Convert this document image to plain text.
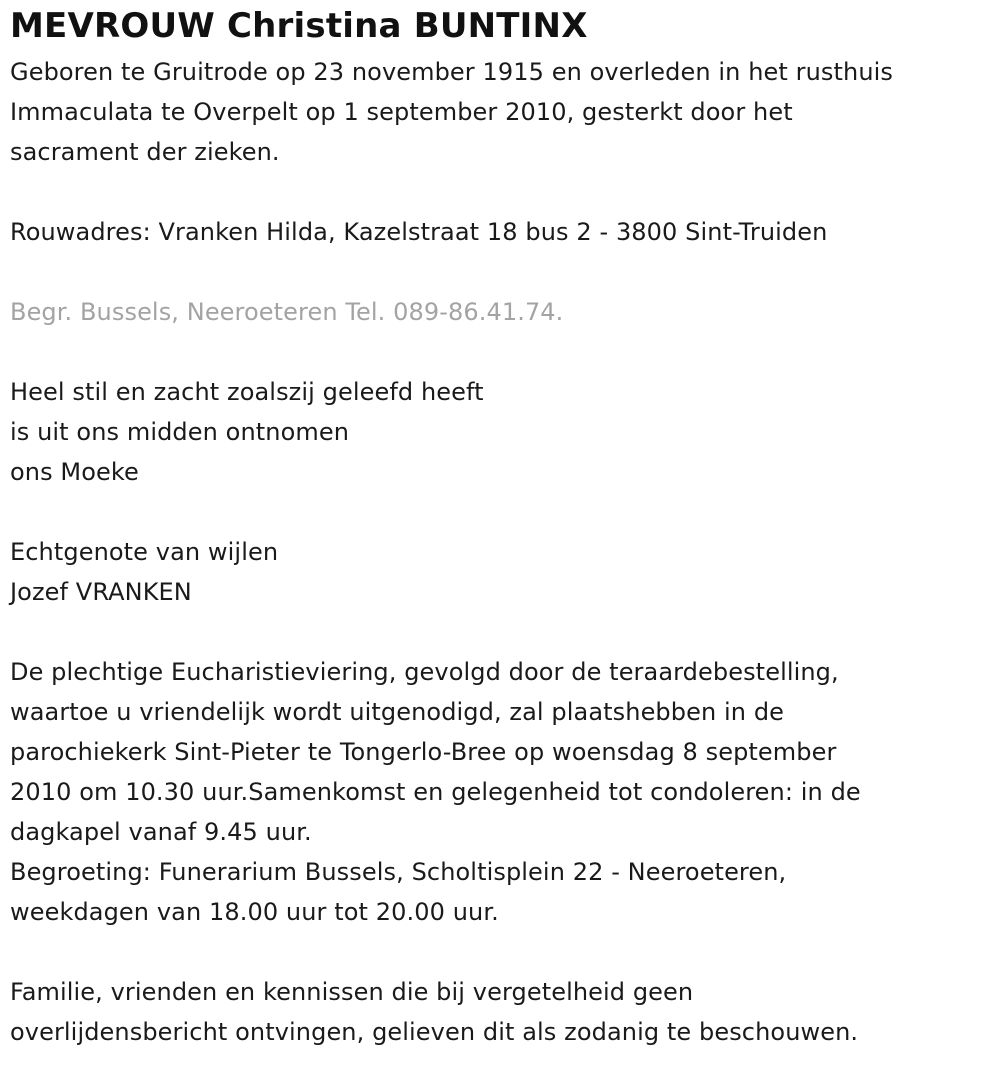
MEVROUW Christina BUNTINX

Geboren te Gruitrode op 23 november 1915 en overleden in het rusthuis
Immaculata te Overpelt op 1 september 2010, gesterkt door het
sacrament der zieken.

Rouwadres: Vranken Hilda, Kazelstraat 18 bus 2 - 3800 Sint-Truiden

Begr. Bussels, Neeroeteren Tel. 089-86.41.74.

Heel stil en zacht zoalszij geleefd heeft
is uit ons midden ontnomen
ons Moeke

Echtgenote van wijlen
Jozef VRANKEN

De plechtige Eucharistieviering, gevolgd door de teraardebestelling,
waartoe u vriendelijk wordt uitgenodigd, zal plaatshebben in de
parochiekerk Sint-Pieter te Tongerlo-Bree op woensdag 8 september
2010 om 10.30 uur.Samenkomst en gelegenheid tot condoleren: in de
dagkapel vanaf 9.45 uur.
Begroeting: Funerarium Bussels, Scholtisplein 22 - Neeroeteren,
weekdagen van 18.00 uur tot 20.00 uur.

Familie, vrienden en kennissen die bij vergetelheid geen
overlijdensbericht ontvingen, gelieven dit als zodanig te beschouwen.
